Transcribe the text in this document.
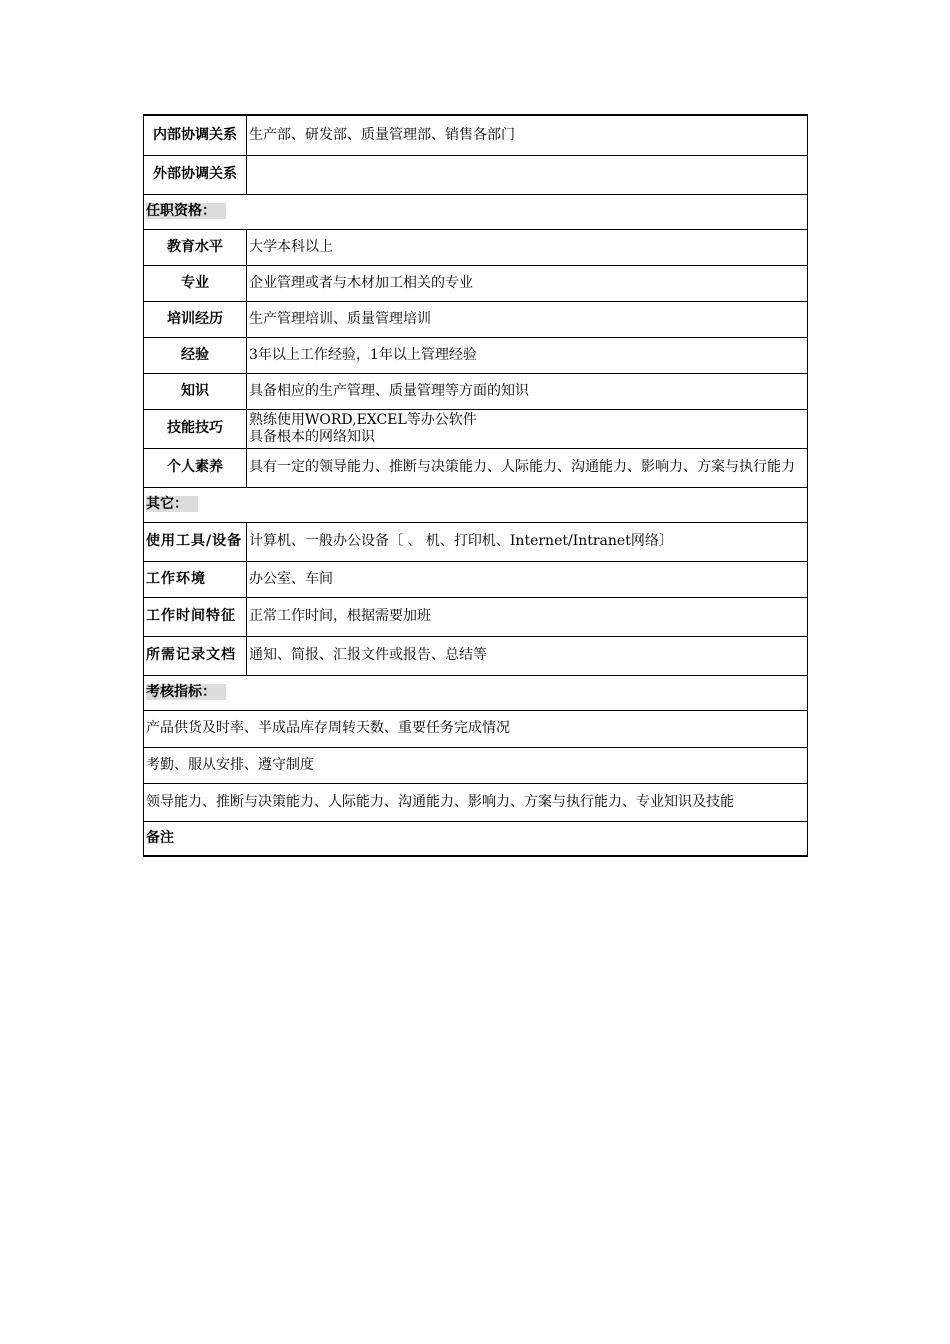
内部协调关系	生产部、研发部、质量管理部、销售各部门
外部协调关系	
任职资格：	
教育水平	大学本科以上
专业	企业管理或者与木材加工相关的专业
培训经历	生产管理培训、质量管理培训
经验	3年以上工作经验，1年以上管理经验
知识	具备相应的生产管理、质量管理等方面的知识
技能技巧	熟练使用WORD,EXCEL等办公软件
具备根本的网络知识

个人素养	具有一定的领导能力、推断与决策能力、人际能力、沟通能力、影响力、方案与执行能力
其它：	
使用工具/设备	计算机、一般办公设备〔 、 机、打印机、Internet/Intranet网络〕
工作环境	办公室、车间
工作时间特征	正常工作时间，根据需要加班
所需记录文档	通知、简报、汇报文件或报告、总结等
考核指标：	
产品供货及时率、半成品库存周转天数、重要任务完成情况	
考勤、服从安排、遵守制度	
领导能力、推断与决策能力、人际能力、沟通能力、影响力、方案与执行能力、专业知识及技能	
备注	
